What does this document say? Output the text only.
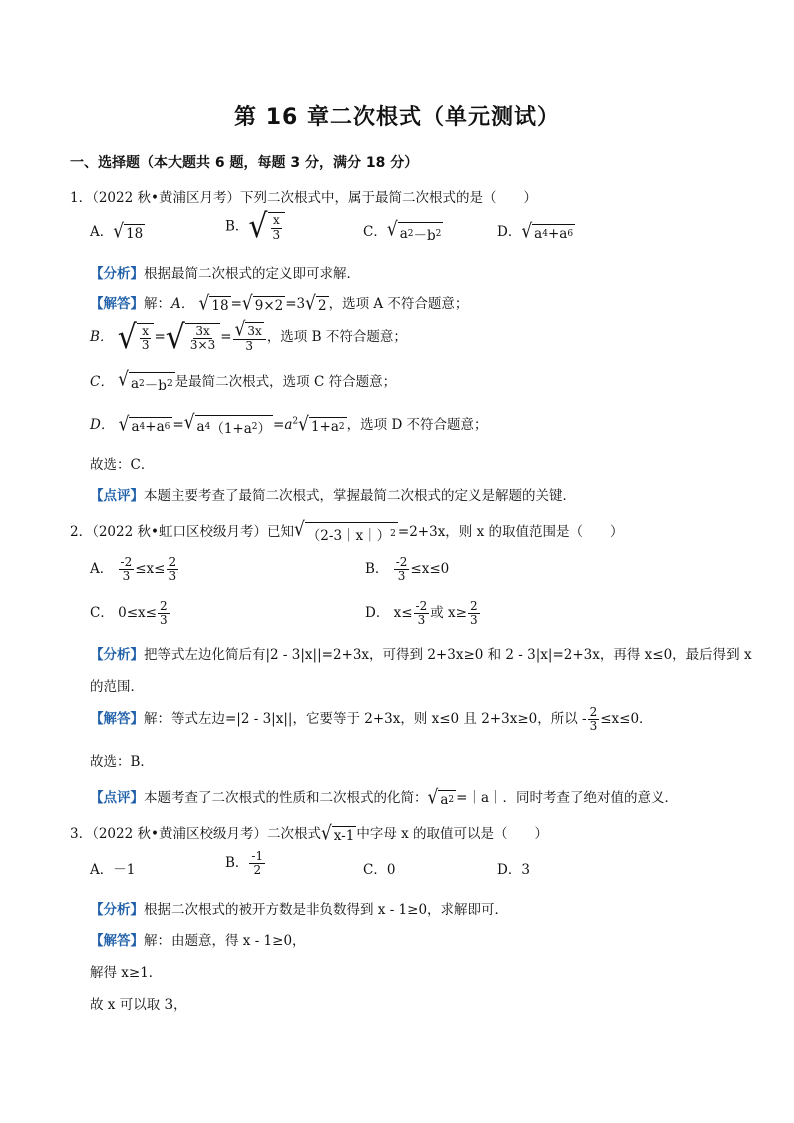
第 16 章二次根式（单元测试）
一、选择题（本大题共 6 题，每题 3 分，满分 18 分）
1．（2022 秋•黄浦区月考）下列二次根式中，属于最简二次根式的是（　　）
A． √ 18	B． √ $\frac{x}{3}$	C． √ a 2 －b 2	D． √ a 4 +a 6
【分析】根据最简二次根式的定义即可求解．
【解答】解：A． √ 18 = √ 9×2 =3 √ 2 ，选项 A 不符合题意；
B． √ $\frac{x}{3}$ = √ $\frac{3x}{3\times 3} = \frac{√ 3x}{3}$ ，选项 B 不符合题意；
C． √ a 2 －b 2 是最简二次根式，选项 C 符合题意；
D． √ a 4 +a 6 = √ a 4 （1+a 2 ） $=a^2$ √ 1+a 2 ，选项 D 不符合题意；
故选：C．
【点评】本题主要考查了最简二次根式，掌握最简二次根式的定义是解题的关键．
2．（2022 秋•虹口区校级月考）已知 √ （2-3｜x｜） 2 =2+3x，则 x 的取值范围是（　　）
A． $\frac{-2}{3} \le x\le \frac{2}{3}$	B． $\frac{-2}{3} \le x\le 0$
C． $0\le x\le \frac{2}{3}$	D． $x\le \frac{-2}{3}$ 或 $x\ge \frac{2}{3}$
【分析】把等式左边化简后有|2 - 3|x||=2+3x，可得到 2+3x≥0 和 2 - 3|x|=2+3x，再得 x≤0，最后得到 x
的范围．
【解答】解：等式左边=|2 - 3|x||，它要等于 2+3x，则 x≤0 且 2+3x≥0，所以 - $\frac{2}{3} \le x\le 0$．
故选：B．
【点评】本题考查了二次根式的性质和二次根式的化简： √ a 2 =｜a｜．同时考查了绝对值的意义．
3．（2022 秋•黄浦区校级月考）二次根式 √ x-1 中字母 x 的取值可以是（　　）
A．－1	B． $\frac{-1}{2}$	C．0	D．3
【分析】根据二次根式的被开方数是非负数得到 x - 1≥0，求解即可．
【解答】解：由题意，得 x - 1≥0，
解得 x≥1．
故 x 可以取 3，
